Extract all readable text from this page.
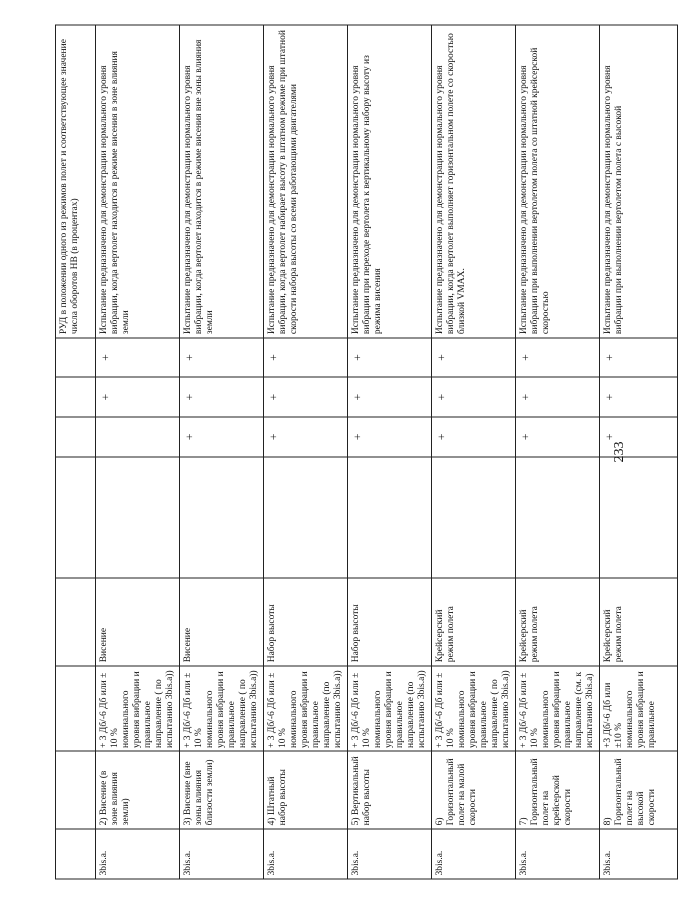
233
								РУД в положении одного из режимов полет и соответствующее значение числа оборотов НВ (в процентах)
3bis.a.	2) Висение (в зоне влияния земли)	+ 3 Дб/-6 Дб или ± 10 % номинального уровня вибрации и правильное направление ( по испытанию 3bis.a))	Висение			+	+	Испытание предназначено для демонстрации нормального уровня вибрации, когда вертолет находится в режиме висения в зоне влияния земли
3bis.a.	3) Висение (вне зоны влияния близости земли)	+ 3 Дб/-6 Дб или ± 10 % номинального уровня вибрации и правильное направление ( по испытанию 3bis.a))	Висение		+	+	+	Испытание предназначено для демонстрации нормального уровня вибрации, когда вертолет находится в режиме висения вне зоны влияния земли
3bis.a.	4) Штатный набор высоты	+ 3 Дб/-6 Дб или ± 10 % номинального уровня вибрации и правильное направление (по испытанию 3bis.a))	Набор высоты		+	+	+	Испытание предназначено для демонстрации нормального уровня вибрации, когда вертолет набирает высоту в штатном режиме при штатной скорости набора высоты со всеми работающими двигателями
3bis.a.	5) Вертикальный набор высоты	+ 3 Дб/-6 Дб или ± 10 % номинального уровня вибрации и правильное направление (по испытанию 3bis.a))	Набор высоты		+	+	+	Испытание предназначено для демонстрации нормального уровня вибрации при переходе вертолета к вертикальному набору высоту из режима висения
3bis.a.	6) Горизонтальный полет на малой скорости	+ 3 Дб/-6 Дб или ± 10 % номинального уровня вибрации и правильное направление ( по испытанию 3bis.a))	Крейсерский режим полета		+	+	+	Испытание предназначено для демонстрации нормального уровня вибрации, когда вертолет выполняет горизонтальном полете со скоростью близкой VMAX.
3bis.a.	7) Горизонтальный полет на крейсерской скорости	+ 3 Дб/-6 Дб или ± 10 % номинального уровня вибрации и правильное направление (см. к испытанию 3bis.a)	Крейсерский режим полета		+	+	+	Испытание предназначено для демонстрации нормального уровня вибрации при выполнении вертолетом полета со штатной крейсерской скоростью
3bis.a.	8) Горизонтальный полет на высокой скорости	+3 Дб/-6 Дб или ±10 % номинального уровня вибрации и правильное	Крейсерский режим полета		+	+	+	Испытание предназначено для демонстрации нормального уровня вибрации при выполнении вертолетом полета с высокой
